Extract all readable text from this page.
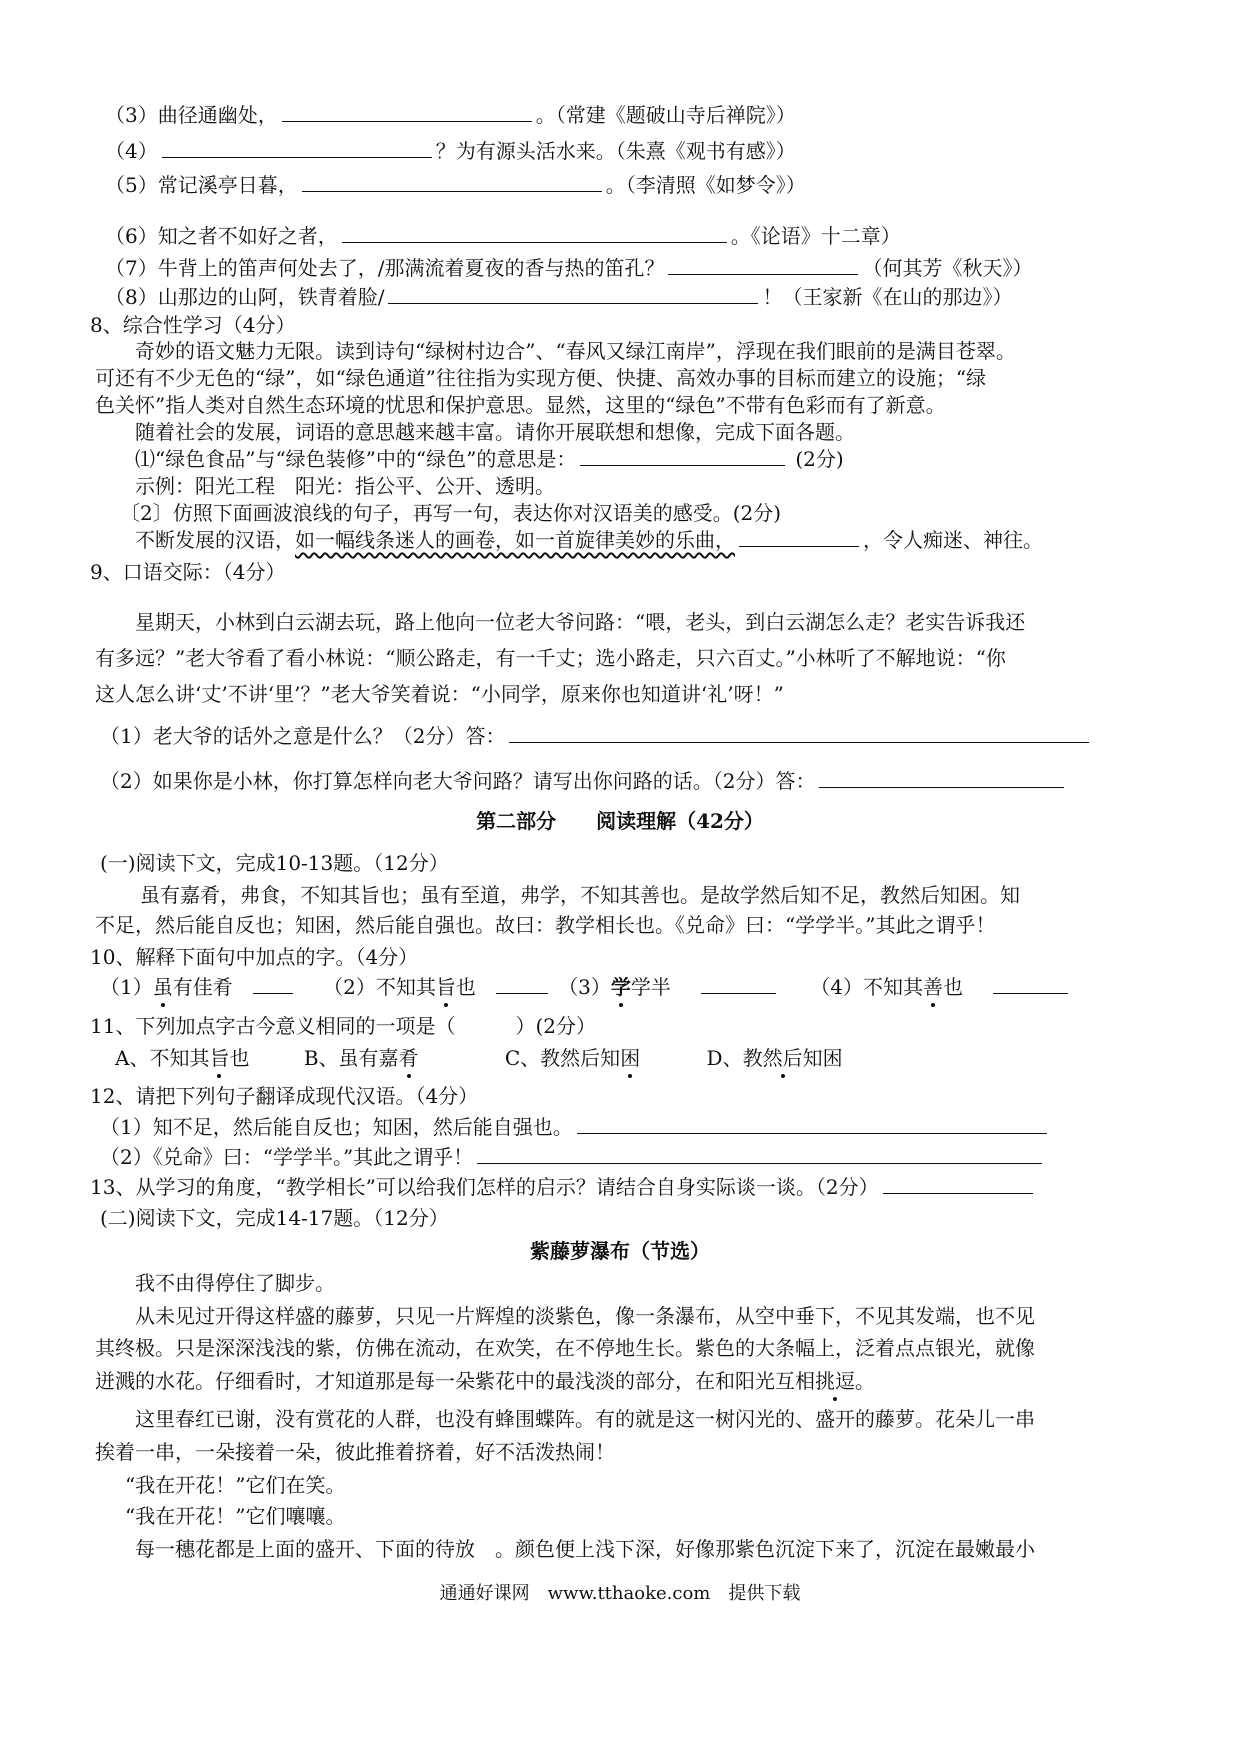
（3）曲径通幽处，	。（常建《题破山寺后禅院》）
（4）	？为有源头活水来。（朱熹《观书有感》）
（5）常记溪亭日暮，	。（李清照《如梦令》）
（6）知之者不如好之者，	。《论语》十二章）
（7）牛背上的笛声何处去了，/那满流着夏夜的香与热的笛孔？	（何其芳《秋天》）
（8）山那边的山阿，铁青着脸/	！（王家新《在山的那边》）
8、综合性学习（4分）
奇妙的语文魅力无限。读到诗句“绿树村边合”、“春风又绿江南岸”，浮现在我们眼前的是满目苍翠。
可还有不少无色的“绿”，如“绿色通道”往往指为实现方便、快捷、高效办事的目标而建立的设施；“绿
色关怀”指人类对自然生态环境的忧思和保护意思。显然，这里的“绿色”不带有色彩而有了新意。
随着社会的发展，词语的意思越来越丰富。请你开展联想和想像，完成下面各题。
⑴“绿色食品”与“绿色装修”中的“绿色”的意思是：	(2分)
示例：阳光工程　阳光：指公平、公开、透明。
〔2〕仿照下面画波浪线的句子，再写一句，表达你对汉语美的感受。(2分)
不断发展的汉语，如一幅线条迷人的画卷，如一首旋律美妙的乐曲，	，令人痴迷、神往。
9、口语交际：（4分）
星期天，小林到白云湖去玩，路上他向一位老大爷问路：“喂，老头，到白云湖怎么走？老实告诉我还
有多远？”老大爷看了看小林说：“顺公路走，有一千丈；选小路走，只六百丈。”小林听了不解地说：“你
这人怎么讲‘丈’不讲‘里’？”老大爷笑着说：“小同学，原来你也知道讲‘礼’呀！”
（1）老大爷的话外之意是什么？（2分）答：
（2）如果你是小林，你打算怎样向老大爷问路？请写出你问路的话。（2分）答：
第二部分　　阅读理解（42分）
(一)阅读下文，完成10-13题。（12分）
虽有嘉肴，弗食，不知其旨也；虽有至道，弗学，不知其善也。是故学然后知不足，教然后知困。知
不足，然后能自反也；知困，然后能自强也。故曰：教学相长也。《兑命》曰：“学学半。”其此之谓乎！
10、解释下面句中加点的字。（4分）
（1）虽有佳肴	（2）不知其旨也	（3）学学半	（4）不知其善也
11、下列加点字古今意义相同的一项是（　　　）(2分）
A、不知其旨也	B、虽有嘉肴	C、教然后知困	D、教然后知困
12、请把下列句子翻译成现代汉语。（4分）
（1）知不足，然后能自反也；知困，然后能自强也。
（2）《兑命》曰：“学学半。”其此之谓乎！
13、从学习的角度，“教学相长”可以给我们怎样的启示？请结合自身实际谈一谈。（2分）
(二)阅读下文，完成14-17题。（12分）
紫藤萝瀑布（节选）
我不由得停住了脚步。
从未见过开得这样盛的藤萝，只见一片辉煌的淡紫色，像一条瀑布，从空中垂下，不见其发端，也不见
其终极。只是深深浅浅的紫，仿佛在流动，在欢笑，在不停地生长。紫色的大条幅上，泛着点点银光，就像
迸溅的水花。仔细看时，才知道那是每一朵紫花中的最浅淡的部分，在和阳光互相挑逗。
这里春红已谢，没有赏花的人群，也没有蜂围蝶阵。有的就是这一树闪光的、盛开的藤萝。花朵儿一串
挨着一串，一朵接着一朵，彼此推着挤着，好不活泼热闹！
“我在开花！”它们在笑。
“我在开花！”它们嚷嚷。
每一穗花都是上面的盛开、下面的待放　。颜色便上浅下深，好像那紫色沉淀下来了，沉淀在最嫩最小
通通好课网　www.tthaoke.com　提供下载
